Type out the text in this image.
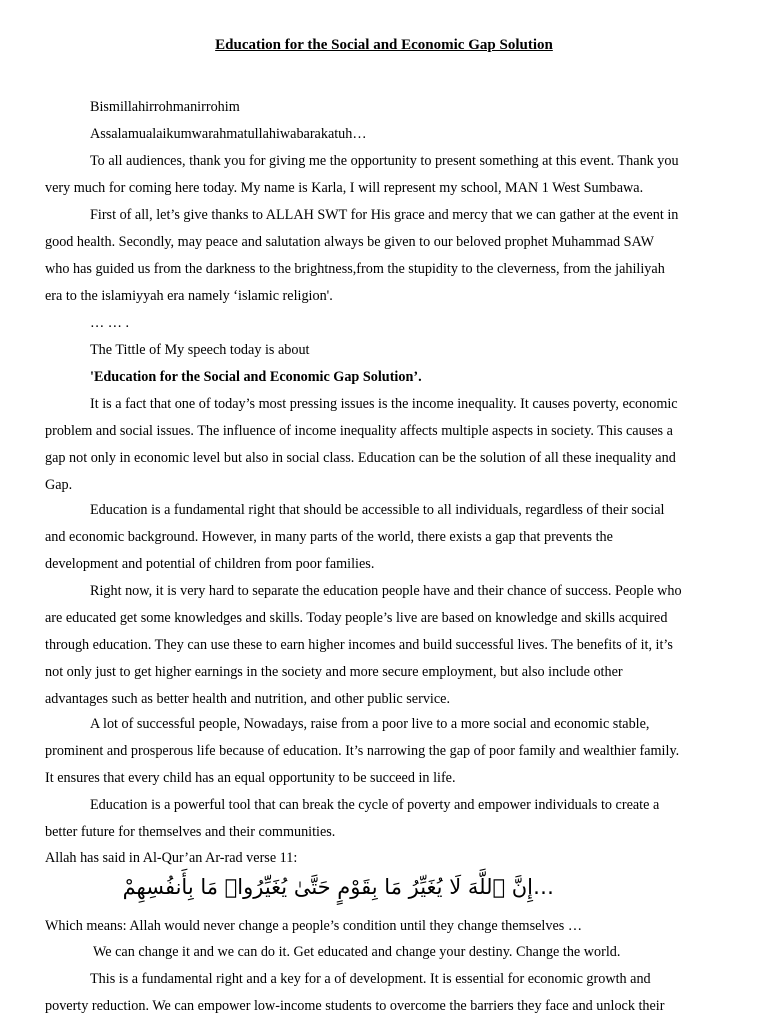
Education for the Social and Economic Gap Solution
Bismillahirrohmanirrohim
Assalamualaikumwarahmatullahiwabarakatuh…
To all audiences, thank you for giving me the opportunity to present something at this event. Thank you
very much for coming here today. My name is Karla, I will represent my school, MAN 1 West Sumbawa.
First of all, let’s give thanks to ALLAH SWT for His grace and mercy that we can gather at the event in
good health. Secondly, may peace and salutation always be given to our beloved prophet Muhammad SAW
who has guided us from the darkness to the brightness,from the stupidity to the cleverness, from the jahiliyah
era to the islamiyyah era namely ‘islamic religion'.
… … .
The Tittle of My speech today is about
'Education for the Social and Economic Gap Solution’.
It is a fact that one of today’s most pressing issues is the income inequality. It causes poverty, economic
problem and social issues. The influence of income inequality affects multiple aspects in society. This causes a
gap not only in economic level but also in social class. Education can be the solution of all these inequality and
Gap.
Education is a fundamental right that should be accessible to all individuals, regardless of their social
and economic background. However, in many parts of the world, there exists a gap that prevents the
development and potential of children from poor families.
Right now, it is very hard to separate the education people have and their chance of success. People who
are educated get some knowledges and skills. Today people’s live are based on knowledge and skills acquired
through education. They can use these to earn higher incomes and build successful lives. The benefits of it, it’s
not only just to get higher earnings in the society and more secure employment, but also include other
advantages such as better health and nutrition, and other public service.
A lot of successful people, Nowadays, raise from a poor live to a more social and economic stable,
prominent and prosperous life because of education. It’s narrowing the gap of poor family and wealthier family.
It ensures that every child has an equal opportunity to be succeed in life.
Education is a powerful tool that can break the cycle of poverty and empower individuals to create a
better future for themselves and their communities.
Allah has said in Al-Qur’an Ar-rad verse 11:
Which means: Allah would never change a people’s condition until they change themselves …
We can change it and we can do it. Get educated and change your destiny. Change the world.
This is a fundamental right and a key for a of development. It is essential for economic growth and
poverty reduction. We can empower low-income students to overcome the barriers they face and unlock their
…إِنَّ ٱللَّهَ لَا يُغَيِّرُ مَا بِقَوْمٍ حَتَّىٰ يُغَيِّرُوا۟ مَا بِأَنفُسِهِمْ
